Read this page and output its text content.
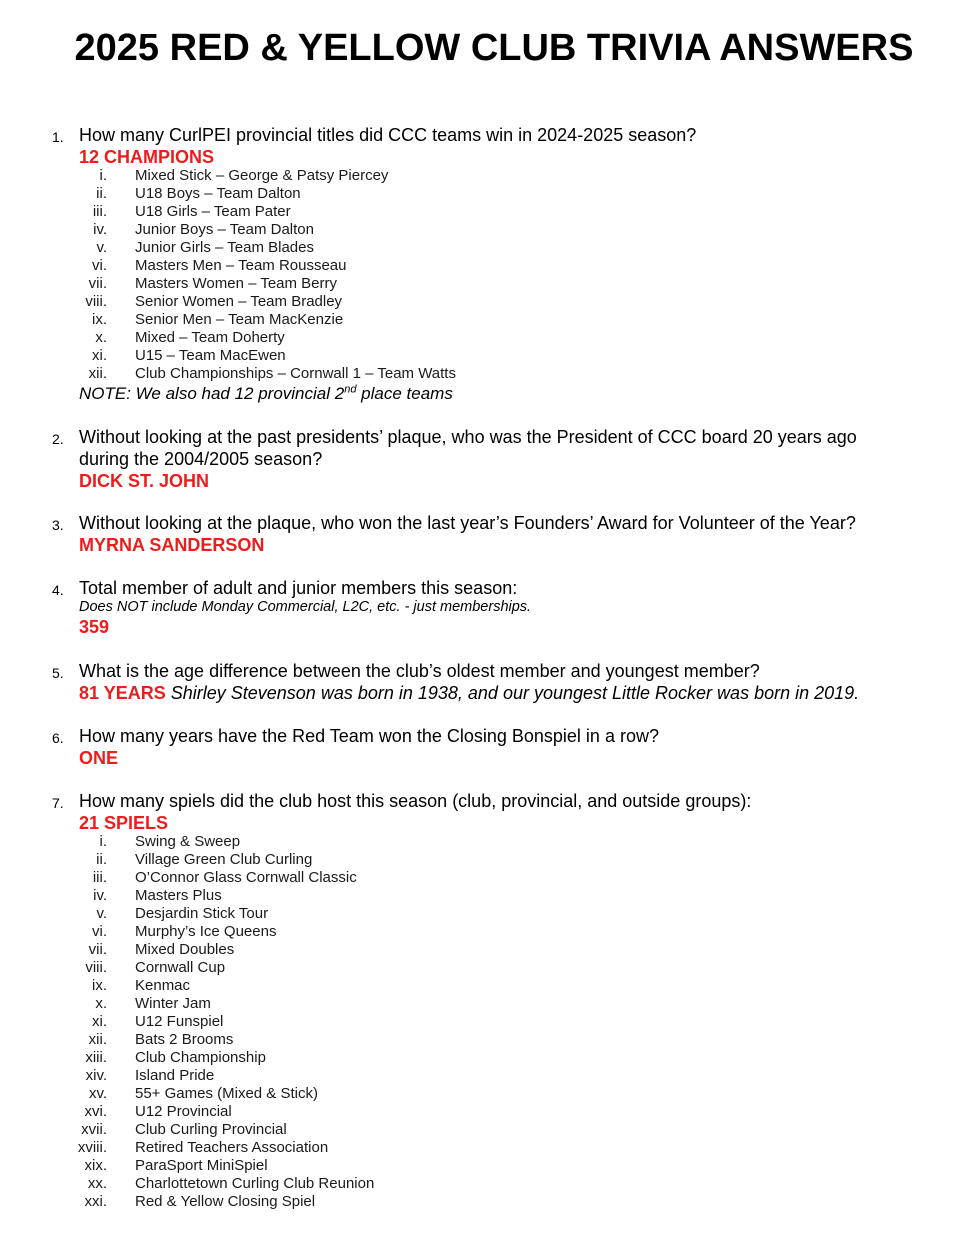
2025 RED & YELLOW CLUB TRIVIA ANSWERS
1. How many CurlPEI provincial titles did CCC teams win in 2024-2025 season?
12 CHAMPIONS
i. Mixed Stick – George & Patsy Piercey
ii. U18 Boys – Team Dalton
iii. U18 Girls – Team Pater
iv. Junior Boys – Team Dalton
v. Junior Girls – Team Blades
vi. Masters Men – Team Rousseau
vii. Masters Women – Team Berry
viii. Senior Women – Team Bradley
ix. Senior Men – Team MacKenzie
x. Mixed – Team Doherty
xi. U15 – Team MacEwen
xii. Club Championships – Cornwall 1 – Team Watts
NOTE: We also had 12 provincial 2nd place teams
2. Without looking at the past presidents’ plaque, who was the President of CCC board 20 years ago
during the 2004/2005 season?
DICK ST. JOHN
3. Without looking at the plaque, who won the last year’s Founders’ Award for Volunteer of the Year?
MYRNA SANDERSON
4. Total member of adult and junior members this season:
Does NOT include Monday Commercial, L2C, etc. - just memberships.
359
5. What is the age difference between the club’s oldest member and youngest member?
81 YEARS Shirley Stevenson was born in 1938, and our youngest Little Rocker was born in 2019.
6. How many years have the Red Team won the Closing Bonspiel in a row?
ONE
7. How many spiels did the club host this season (club, provincial, and outside groups):
21 SPIELS
i. Swing & Sweep
ii. Village Green Club Curling
iii. O’Connor Glass Cornwall Classic
iv. Masters Plus
v. Desjardin Stick Tour
vi. Murphy’s Ice Queens
vii. Mixed Doubles
viii. Cornwall Cup
ix. Kenmac
x. Winter Jam
xi. U12 Funspiel
xii. Bats 2 Brooms
xiii. Club Championship
xiv. Island Pride
xv. 55+ Games (Mixed & Stick)
xvi. U12 Provincial
xvii. Club Curling Provincial
xviii. Retired Teachers Association
xix. ParaSport MiniSpiel
xx. Charlottetown Curling Club Reunion
xxi. Red & Yellow Closing Spiel
